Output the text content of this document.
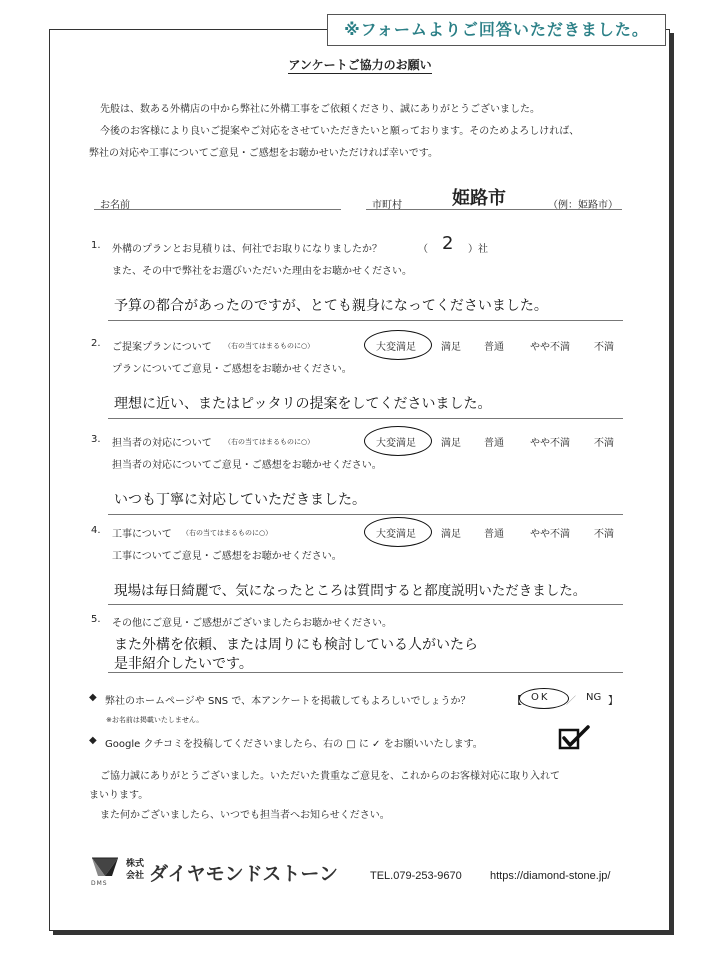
※フォームよりご回答いただきました。
アンケートご協力のお願い
先般は、数ある外構店の中から弊社に外構工事をご依頼くださり、誠にありがとうございました。
今後のお客様により良いご提案やご対応をさせていただきたいと願っております。そのためよろしければ、
弊社の対応や工事についてご意見・ご感想をお聴かせいただければ幸いです。
お名前	市町村	姫路市	（例：姫路市）
1. 外構のプランとお見積りは、何社でお取りになりましたか？	（ 2 ）社
また、その中で弊社をお選びいただいた理由をお聴かせください。
予算の都合があったのですが、とても親身になってくださいました。
2. ご提案プランについて （右の当てはまるものに○）	大変満足	満足 普通	やや不満 不満
プランについてご意見・ご感想をお聴かせください。
理想に近い、またはピッタリの提案をしてくださいました。
3. 担当者の対応について （右の当てはまるものに○）	大変満足	満足 普通	やや不満 不満
担当者の対応についてご意見・ご感想をお聴かせください。
いつも丁寧に対応していただきました。
4. 工事について （右の当てはまるものに○）	大変満足	満足 普通	やや不満 不満
工事についてご意見・ご感想をお聴かせください。
現場は毎日綺麗で、気になったところは質問すると都度説明いただきました。
5. その他にご意見・ご感想がございましたらお聴かせください。
また外構を依頼、または周りにも検討している人がいたら
是非紹介したいです。
◆ 弊社のホームページや SNS で、本アンケートを掲載してもよろしいでしょうか？	【 OK ／ NG 】
※お名前は掲載いたしません。
◆ Google クチコミを投稿してくださいましたら、右の □ に ✓ をお願いいたします。
ご協力誠にありがとうございました。いただいた貴重なご意見を、これからのお客様対応に取り入れて
まいります。
また何かございましたら、いつでも担当者へお知らせください。
DMS
株式
会社 ダイヤモンドストーン	TEL.079-253-9670	https://diamond-stone.jp/
